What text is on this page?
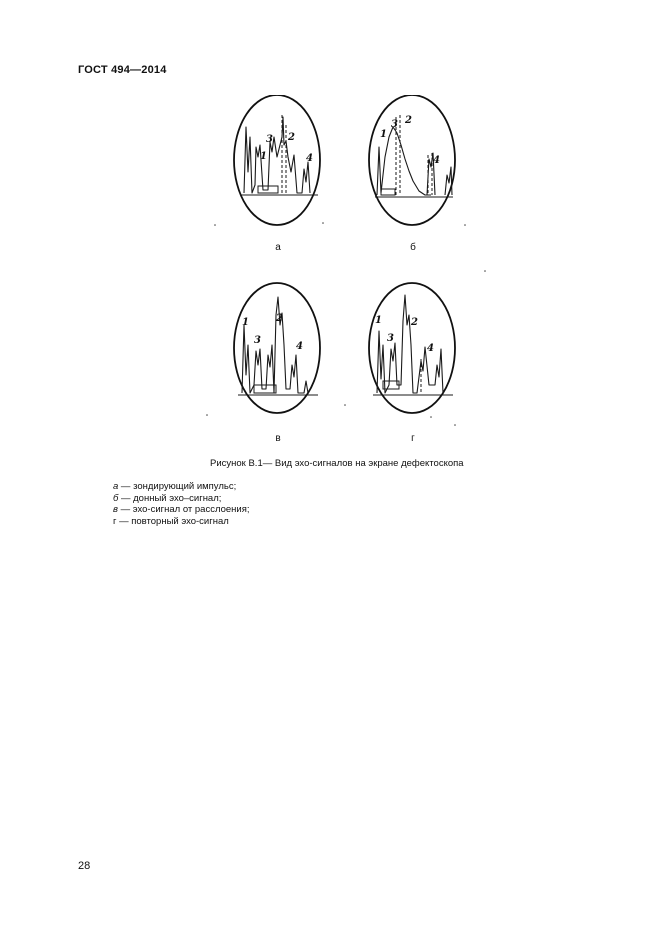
ГОСТ 494—2014
3
1
2
4
1
3 2
4
1
3
2
4
1
3
2
4
а	б
в	г
Рисунок В.1— Вид эхо-сигналов на экране дефектоскопа
а — зондирующий импульс;
б — донный эхо–сигнал;
в — эхо-сигнал от расслоения;
г — повторный эхо-сигнал
28
